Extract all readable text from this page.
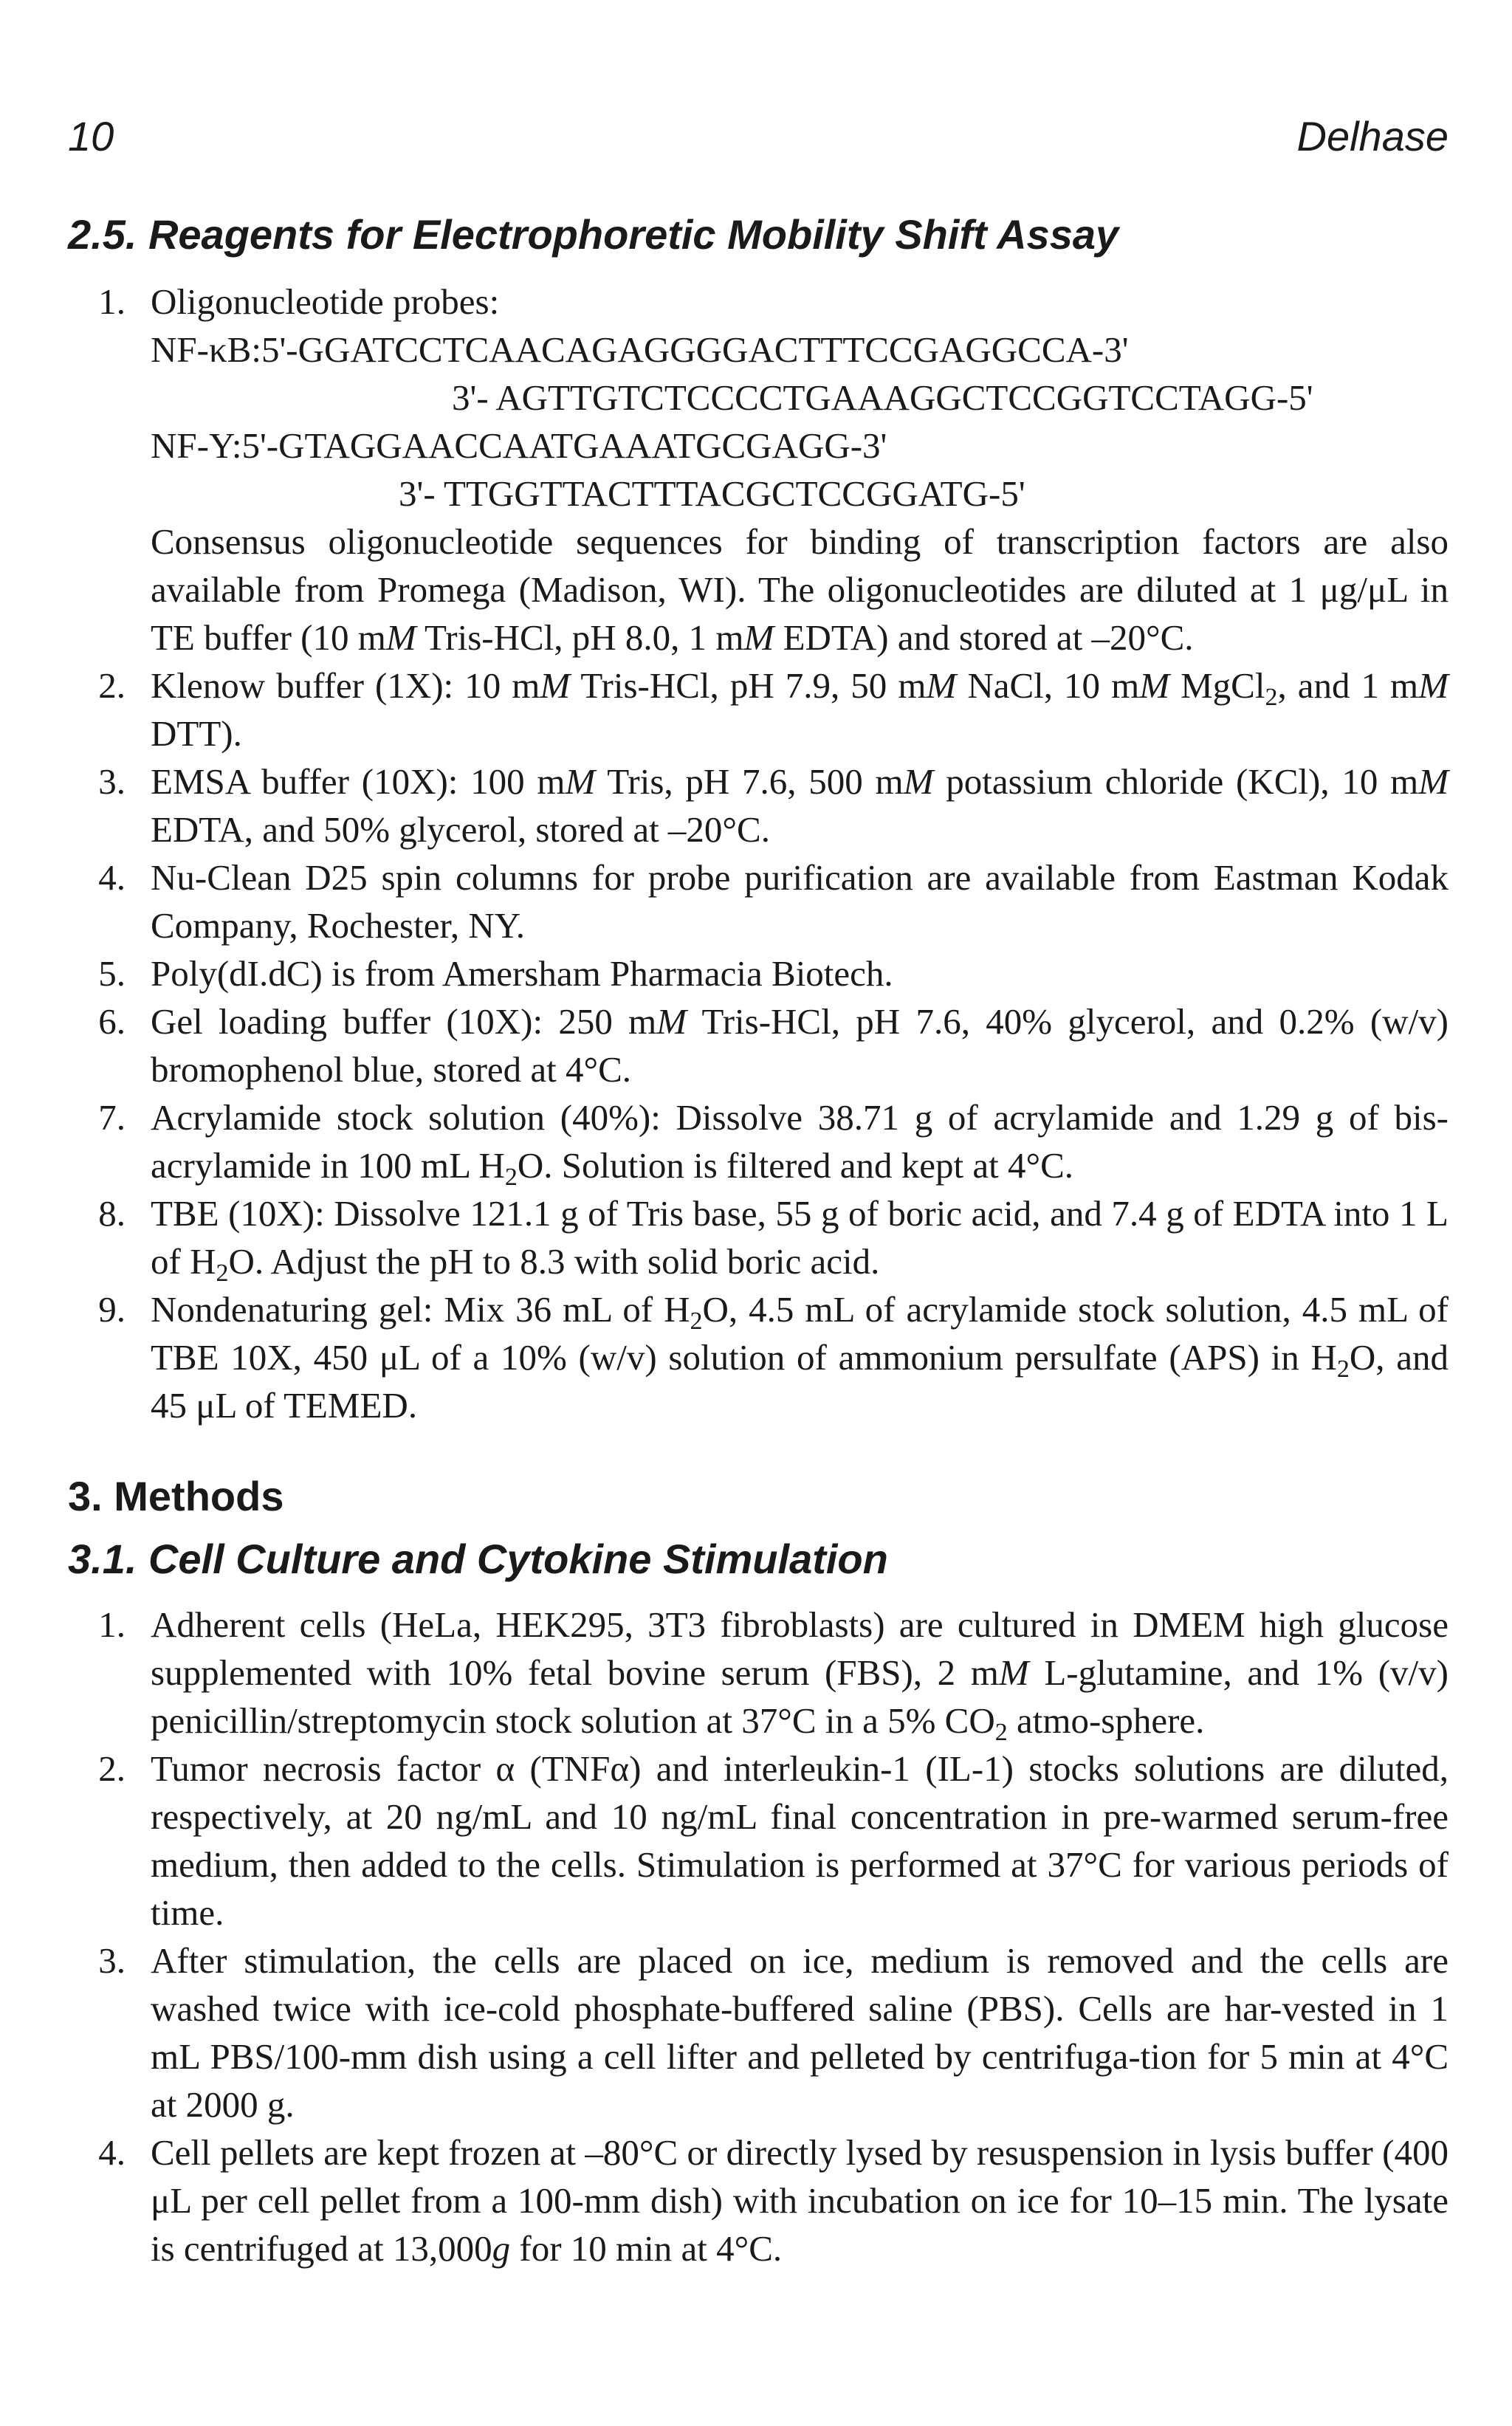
10	Delhase
2.5. Reagents for Electrophoretic Mobility Shift Assay
1. Oligonucleotide probes:
NF-κB:5'-GGATCCTCAACAGAGGGGACTTTCCGAGGCCA-3'
3'- AGTTGTCTCCCCTGAAAGGCTCCGGTCCTAGG-5'
NF-Y:5'-GTAGGAACCAATGAAATGCGAGG-3'
3'- TTGGTTACTTTACGCTCCGGATG-5'
Consensus oligonucleotide sequences for binding of transcription factors are also available from Promega (Madison, WI). The oligonucleotides are diluted at 1 μg/μL in TE buffer (10 mM Tris-HCl, pH 8.0, 1 mM EDTA) and stored at –20°C.
2. Klenow buffer (1X): 10 mM Tris-HCl, pH 7.9, 50 mM NaCl, 10 mM MgCl$_2$, and 1 mM DTT).
3. EMSA buffer (10X): 100 mM Tris, pH 7.6, 500 mM potassium chloride (KCl), 10 mM EDTA, and 50% glycerol, stored at –20°C.
4. Nu-Clean D25 spin columns for probe purification are available from Eastman Kodak Company, Rochester, NY.
5. Poly(dI.dC) is from Amersham Pharmacia Biotech.
6. Gel loading buffer (10X): 250 mM Tris-HCl, pH 7.6, 40% glycerol, and 0.2% (w/v) bromophenol blue, stored at 4°C.
7. Acrylamide stock solution (40%): Dissolve 38.71 g of acrylamide and 1.29 g of bis-acrylamide in 100 mL $H_2O$. Solution is filtered and kept at 4°C.
8. TBE (10X): Dissolve 121.1 g of Tris base, 55 g of boric acid, and 7.4 g of EDTA into 1 L of $H_2O$. Adjust the pH to 8.3 with solid boric acid.
9. Nondenaturing gel: Mix 36 mL of $H_2O$, 4.5 mL of acrylamide stock solution, 4.5 mL of TBE 10X, 450 μL of a 10% (w/v) solution of ammonium persulfate (APS) in $H_2O$, and 45 μL of TEMED.
3. Methods
3.1. Cell Culture and Cytokine Stimulation
1. Adherent cells (HeLa, HEK295, 3T3 fibroblasts) are cultured in DMEM high glucose supplemented with 10% fetal bovine serum (FBS), 2 mM L-glutamine, and 1% (v/v) penicillin/streptomycin stock solution at 37°C in a 5% $CO_2$ atmo-sphere.
2. Tumor necrosis factor α (TNFα) and interleukin-1 (IL-1) stocks solutions are diluted, respectively, at 20 ng/mL and 10 ng/mL final concentration in pre-warmed serum-free medium, then added to the cells. Stimulation is performed at 37°C for various periods of time.
3. After stimulation, the cells are placed on ice, medium is removed and the cells are washed twice with ice-cold phosphate-buffered saline (PBS). Cells are har-vested in 1 mL PBS/100-mm dish using a cell lifter and pelleted by centrifuga-tion for 5 min at 4°C at 2000 g.
4. Cell pellets are kept frozen at –80°C or directly lysed by resuspension in lysis buffer (400 μL per cell pellet from a 100-mm dish) with incubation on ice for 10–15 min. The lysate is centrifuged at 13,000g for 10 min at 4°C.
